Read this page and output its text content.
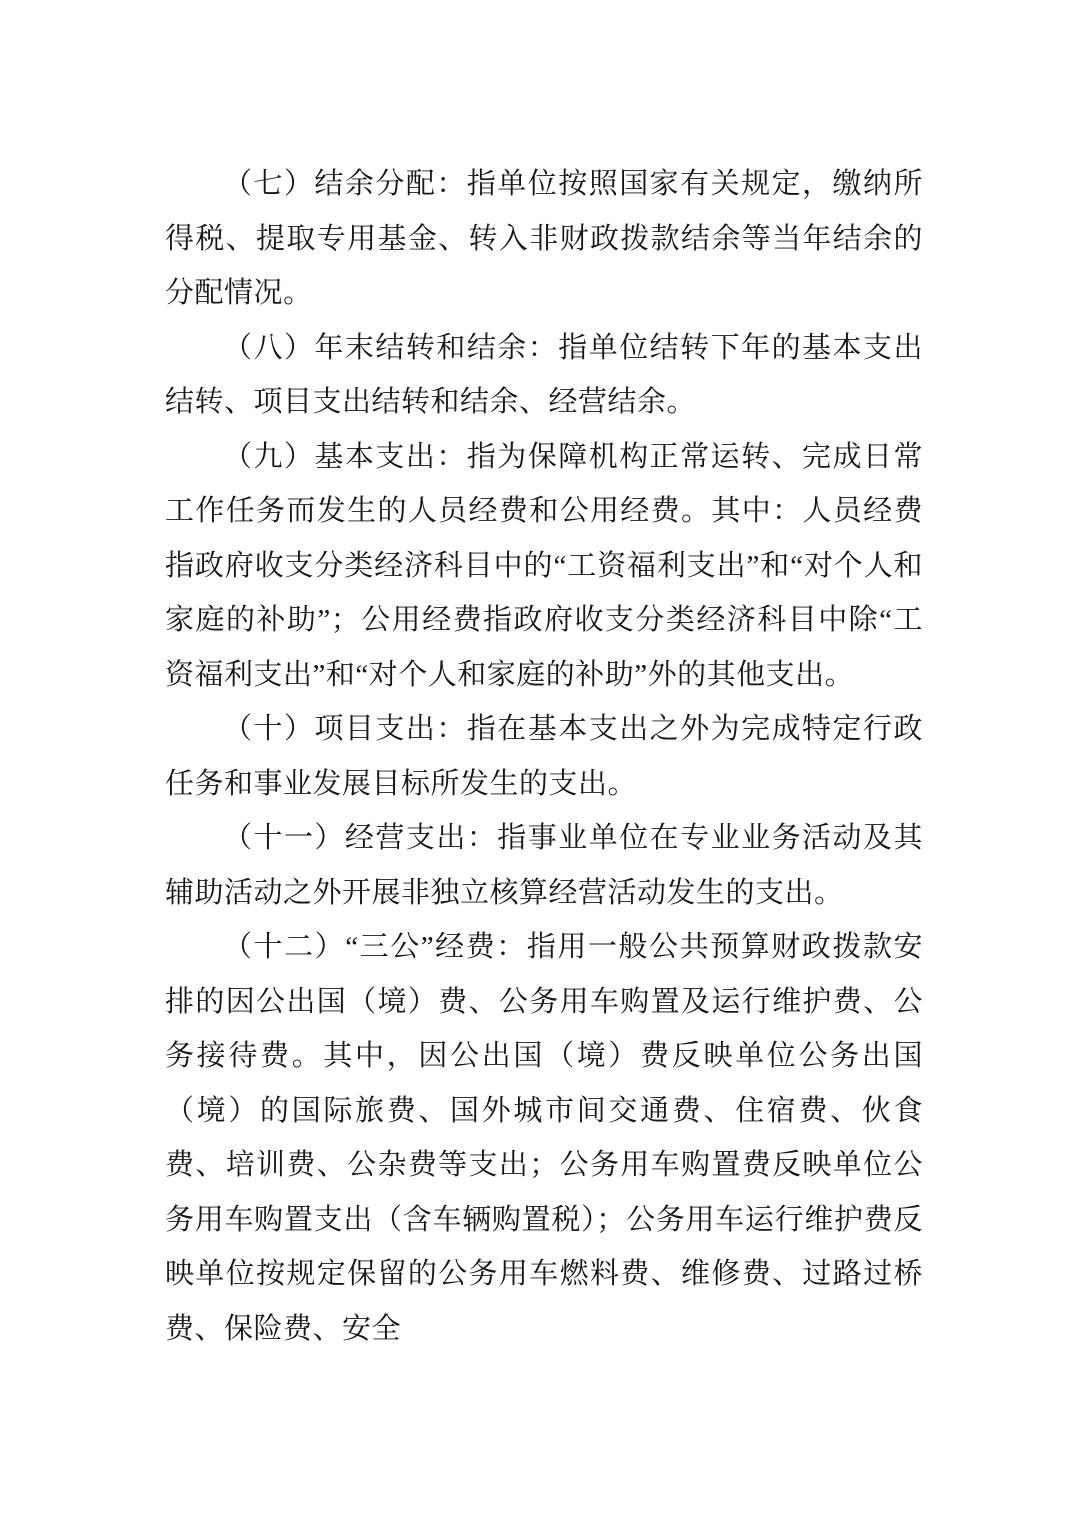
（七）结余分配：指单位按照国家有关规定，缴纳所得税、提取专用基金、转入非财政拨款结余等当年结余的分配情况。

（八）年末结转和结余：指单位结转下年的基本支出结转、项目支出结转和结余、经营结余。

（九）基本支出：指为保障机构正常运转、完成日常工作任务而发生的人员经费和公用经费。其中：人员经费指政府收支分类经济科目中的“工资福利支出”和“对个人和家庭的补助”；公用经费指政府收支分类经济科目中除“工资福利支出”和“对个人和家庭的补助”外的其他支出。

（十）项目支出：指在基本支出之外为完成特定行政任务和事业发展目标所发生的支出。

（十一）经营支出：指事业单位在专业业务活动及其辅助活动之外开展非独立核算经营活动发生的支出。

（十二）“三公”经费：指用一般公共预算财政拨款安排的因公出国（境）费、公务用车购置及运行维护费、公务接待费。其中，因公出国（境）费反映单位公务出国（境）的国际旅费、国外城市间交通费、住宿费、伙食费、培训费、公杂费等支出；公务用车购置费反映单位公务用车购置支出（含车辆购置税）；公务用车运行维护费反映单位按规定保留的公务用车燃料费、维修费、过路过桥费、保险费、安全
